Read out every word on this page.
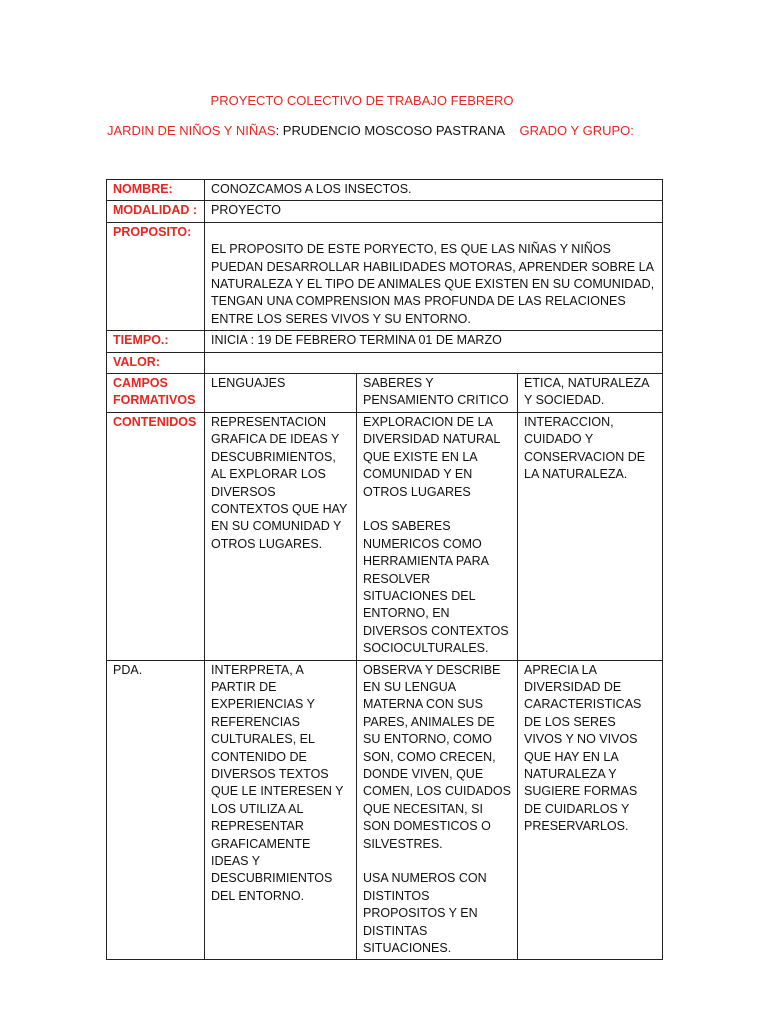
PROYECTO COLECTIVO DE TRABAJO FEBRERO
JARDIN DE NIÑOS Y NIÑAS: PRUDENCIO MOSCOSO PASTRANA GRADO Y GRUPO:
NOMBRE:	CONOZCAMOS A LOS INSECTOS.		
MODALIDAD :	PROYECTO		
PROPOSITO:	
EL PROPOSITO DE ESTE PORYECTO, ES QUE LAS NIÑAS Y NIÑOS PUEDAN DESARROLLAR HABILIDADES MOTORAS, APRENDER SOBRE LA NATURALEZA Y EL TIPO DE ANIMALES QUE EXISTEN EN SU COMUNIDAD, TENGAN UNA COMPRENSION MAS PROFUNDA DE LAS RELACIONES ENTRE LOS SERES VIVOS Y SU ENTORNO.		
TIEMPO.:	INICIA : 19 DE FEBRERO TERMINA 01 DE MARZO		
VALOR:			
CAMPOS FORMATIVOS	LENGUAJES	SABERES Y PENSAMIENTO CRITICO	ETICA, NATURALEZA Y SOCIEDAD.
CONTENIDOS	REPRESENTACION GRAFICA DE IDEAS Y DESCUBRIMIENTOS, AL EXPLORAR LOS DIVERSOS CONTEXTOS QUE HAY EN SU COMUNIDAD Y OTROS LUGARES.	EXPLORACION DE LA DIVERSIDAD NATURAL QUE EXISTE EN LA COMUNIDAD Y EN OTROS LUGARES

LOS SABERES NUMERICOS COMO HERRAMIENTA PARA RESOLVER SITUACIONES DEL ENTORNO, EN DIVERSOS CONTEXTOS SOCIOCULTURALES.	INTERACCION, CUIDADO Y CONSERVACION DE LA NATURALEZA.
PDA.	INTERPRETA, A PARTIR DE EXPERIENCIAS Y REFERENCIAS CULTURALES, EL CONTENIDO DE DIVERSOS TEXTOS QUE LE INTERESEN Y LOS UTILIZA AL REPRESENTAR GRAFICAMENTE IDEAS Y DESCUBRIMIENTOS DEL ENTORNO.	OBSERVA Y DESCRIBE EN SU LENGUA MATERNA CON SUS PARES, ANIMALES DE SU ENTORNO, COMO SON, COMO CRECEN, DONDE VIVEN, QUE COMEN, LOS CUIDADOS QUE NECESITAN, SI SON DOMESTICOS O SILVESTRES.

USA NUMEROS CON DISTINTOS PROPOSITOS Y EN DISTINTAS SITUACIONES.	APRECIA LA DIVERSIDAD DE CARACTERISTICAS DE LOS SERES VIVOS Y NO VIVOS QUE HAY EN LA NATURALEZA Y SUGIERE FORMAS DE CUIDARLOS Y PRESERVARLOS.
